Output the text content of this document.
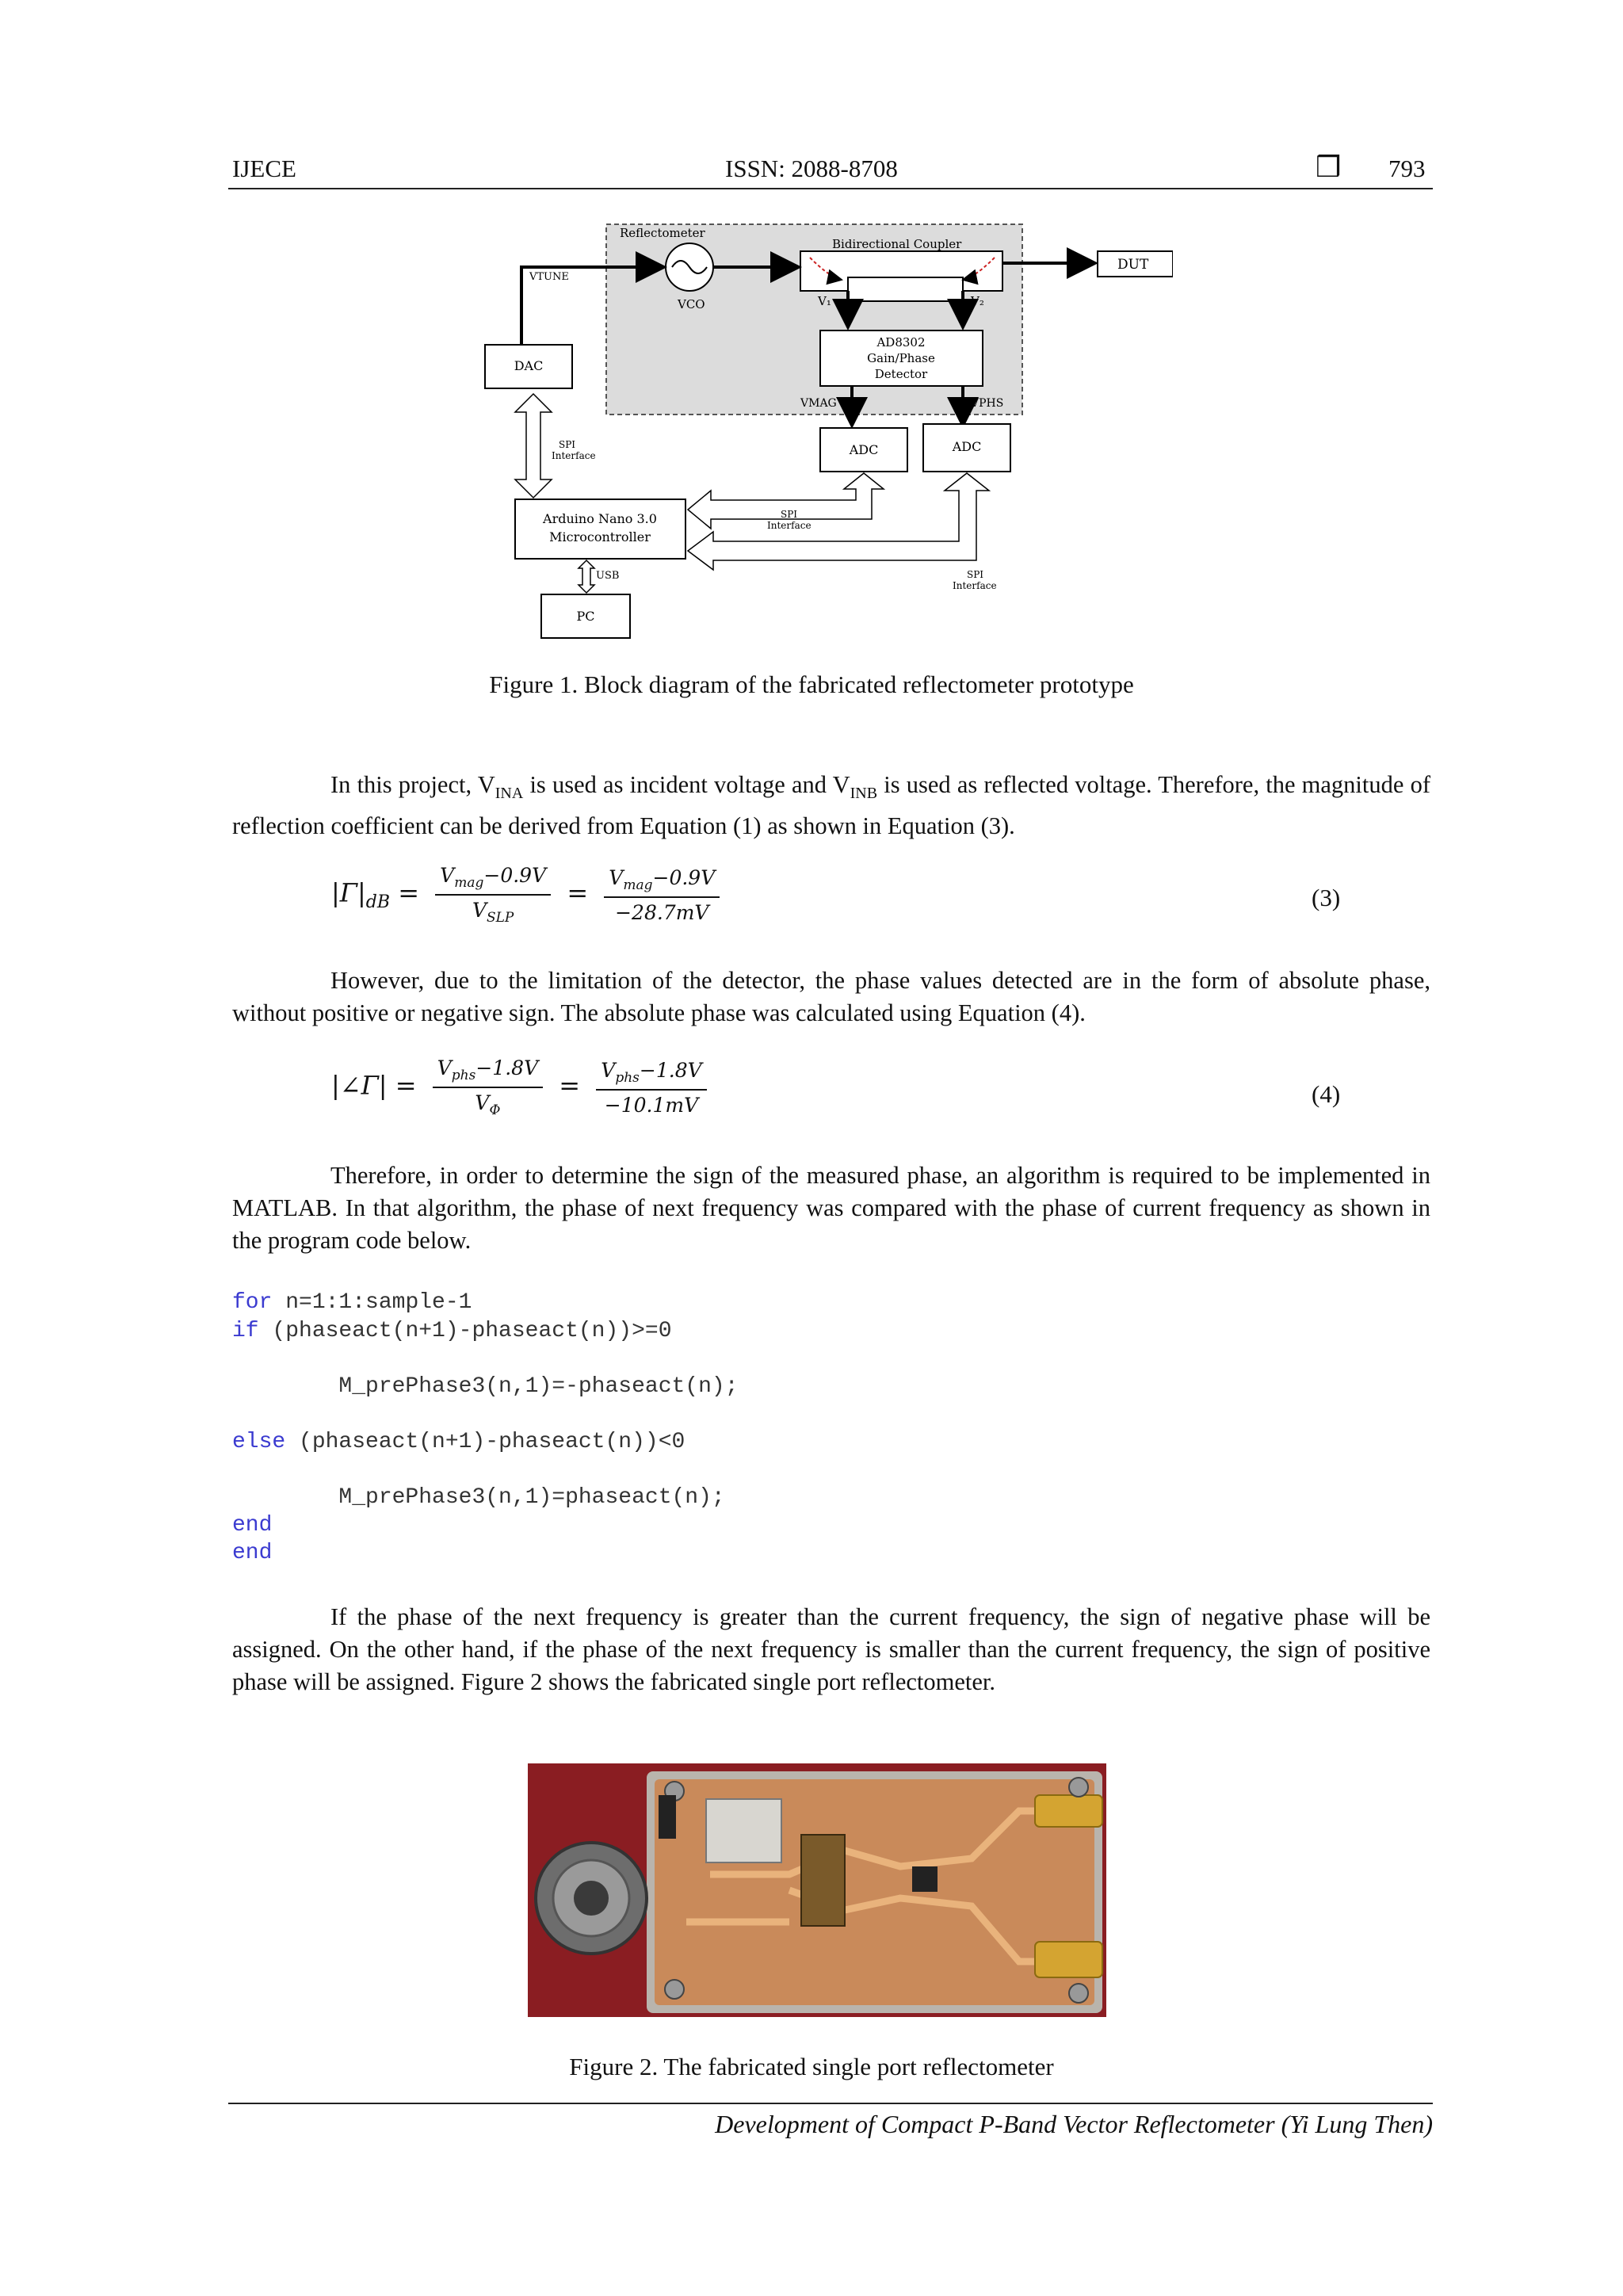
IJECE	ISSN: 2088-8708	❒ 793
Reflectometer
VCO
Bidirectional Coupler
V₁	V₂
DUT
AD8302
Gain/Phase
Detector
VMAG	VPHS
ADC	ADC
DAC
VTUNE
SPI
Interface
Arduino Nano 3.0
Microcontroller
SPI
Interface
SPI
Interface
USB
PC
Figure 1. Block diagram of the fabricated reflectometer prototype
In this project, $V_{INA}$ is used as incident voltage and $V_{INB}$ is used as reflected voltage. Therefore, the magnitude of reflection coefficient can be derived from Equation (1) as shown in Equation (3).
$|\Gamma|_{dB} = \frac{V_{mag}-0.9V}{V_{SLP}} = \frac{V_{mag}-0.9V}{-28.7mV}$	(3)
However, due to the limitation of the detector, the phase values detected are in the form of absolute phase, without positive or negative sign. The absolute phase was calculated using Equation (4).
|∠Γ| = $\frac{V_{phs}-1.8V}{V_\Phi} = \frac{V_{phs}-1.8V}{-10.1mV}$	(4)
Therefore, in order to determine the sign of the measured phase, an algorithm is required to be implemented in MATLAB. In that algorithm, the phase of next frequency was compared with the phase of current frequency as shown in the program code below.
for n=1:1:sample-1
if (phaseact(n+1)-phaseact(n))>=0
M_prePhase3(n,1)=-phaseact(n);
else (phaseact(n+1)-phaseact(n))<0
M_prePhase3(n,1)=phaseact(n);
end
end
If the phase of the next frequency is greater than the current frequency, the sign of negative phase will be assigned. On the other hand, if the phase of the next frequency is smaller than the current frequency, the sign of positive phase will be assigned. Figure 2 shows the fabricated single port reflectometer.
Figure 2. The fabricated single port reflectometer
Development of Compact P-Band Vector Reflectometer (Yi Lung Then)
